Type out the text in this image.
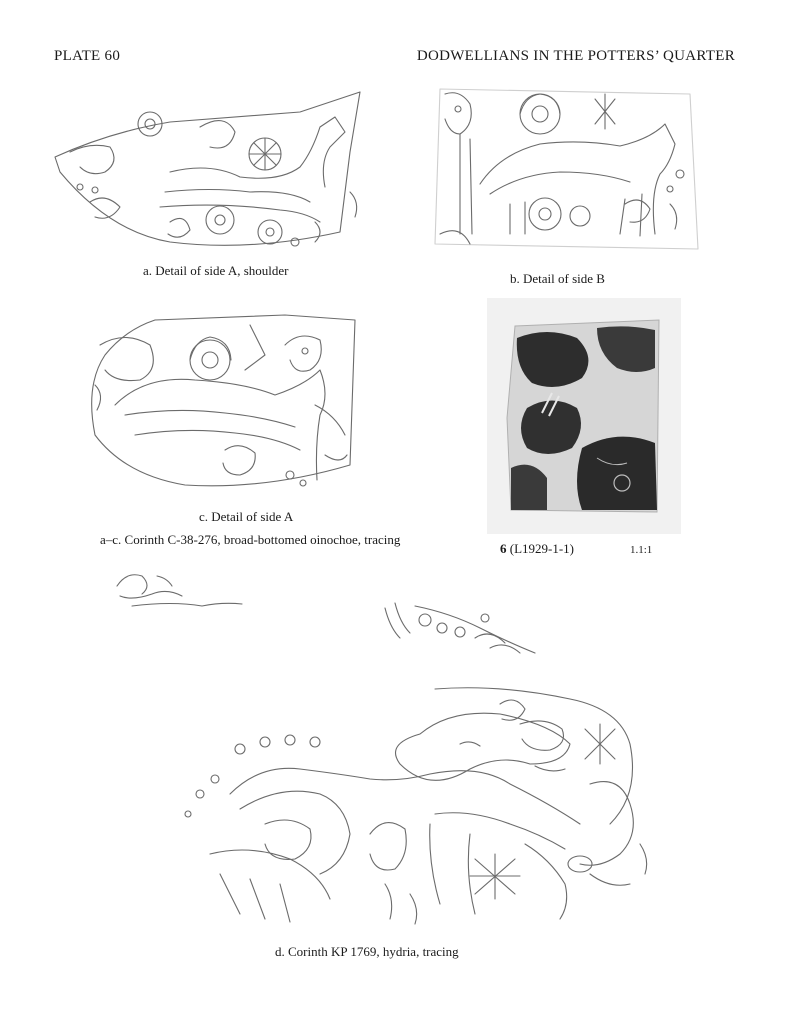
PLATE 60	DODWELLIANS IN THE POTTERS’ QUARTER
a. Detail of side A, shoulder
b. Detail of side B
c. Detail of side A
a–c. Corinth C-38-276, broad-bottomed oinochoe, tracing
6 (L1929-1-1)	1.1:1
d. Corinth KP 1769, hydria, tracing
